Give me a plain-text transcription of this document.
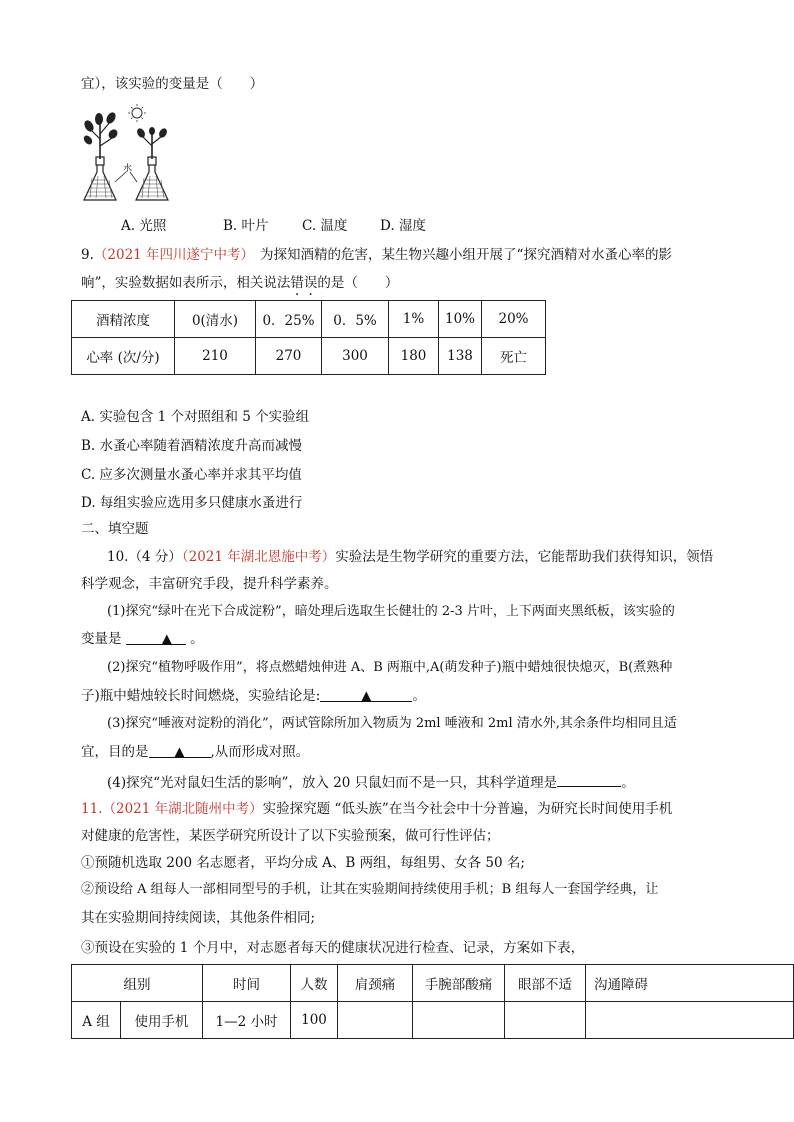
宜），该实验的变量是（　　）
水
A. 光照	B. 叶片 C. 温度 D. 湿度
9.（2021 年四川遂宁中考） 为探知酒精的危害，某生物兴趣小组开展了“探究酒精对水蚤心率的影
响”，实验数据如表所示，相关说法错误的是（　　）
酒精浓度	0(清水)	0．25%	0．5%	1%	10%	20%
心率 (次/分)	210	270	300	180	138	死亡
A. 实验包含 1 个对照组和 5 个实验组
B. 水蚤心率随着酒精浓度升高而减慢
C. 应多次测量水蚤心率并求其平均值
D. 每组实验应选用多只健康水蚤进行
二、填空题
10.（4 分）（2021 年湖北恩施中考）实验法是生物学研究的重要方法，它能帮助我们获得知识，领悟
科学观念，丰富研究手段，提升科学素养。
(1)探究“绿叶在光下合成淀粉”，暗处理后选取生长健壮的 2-3 片叶，上下两面夹黑纸板，该实验的
变量是	▲ 。
(2)探究“植物呼吸作用”，将点燃蜡烛伸进 A、B 两瓶中,A(萌发种子)瓶中蜡烛很快熄灭，B(煮熟种
子)瓶中蜡烛较长时间燃烧，实验结论是:	▲	。
(3)探究“唾液对淀粉的消化”，两试管除所加入物质为 2ml 唾液和 2ml 清水外,其余条件均相同且适
宜，目的是 ▲ ,从而形成对照。
(4)探究“光对鼠妇生活的影响”，放入 20 只鼠妇而不是一只，其科学道理是	。
11.（2021 年湖北随州中考）实验探究题 “低头族”在当今社会中十分普遍，为研究长时间使用手机
对健康的危害性，某医学研究所设计了以下实验预案，做可行性评估；
①预随机选取 200 名志愿者，平均分成 A、B 两组，每组男、女各 50 名;
②预设给 A 组每人一部相同型号的手机，让其在实验期间持续使用手机；B 组每人一套国学经典，让
其在实验期间持续阅读，其他条件相同;
③预设在实验的 1 个月中，对志愿者每天的健康状况进行检查、记录，方案如下表，
组别		时间	人数	肩颈痛	手腕部酸痛	眼部不适	沟通障碍
A 组	使用手机	1—2 小时	100				
